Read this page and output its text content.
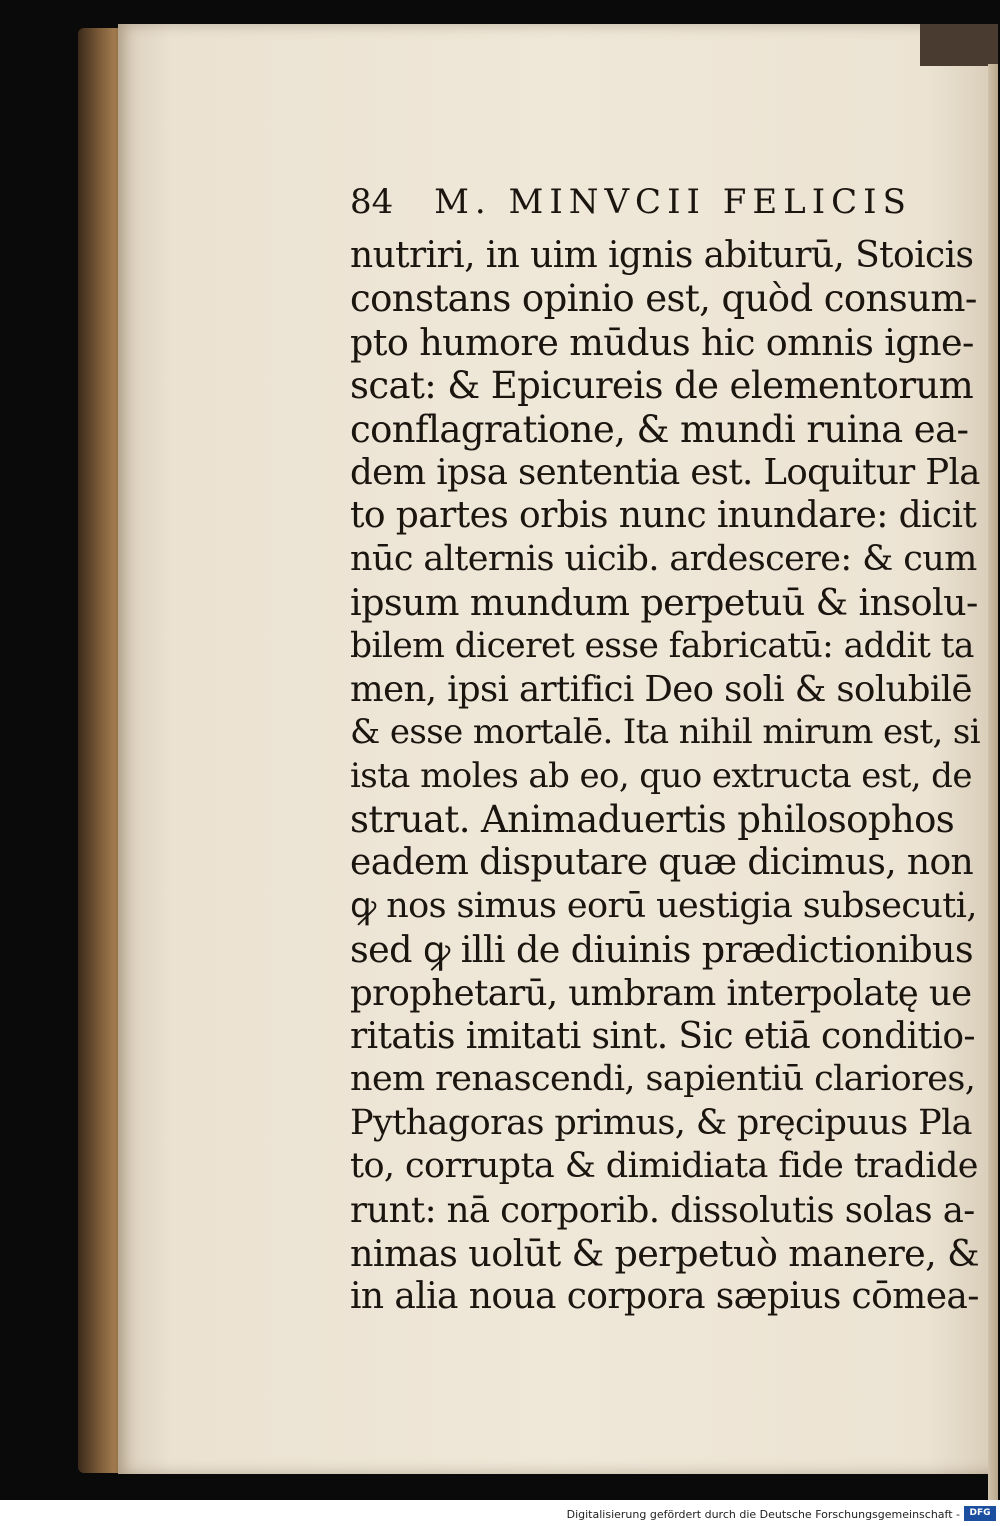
84 M. MINVCII FELICIS
nutriri, in uim ignis abiturū, Stoicis
constans opinio est, quòd consum-
pto humore mūdus hic omnis igne-
scat: & Epicureis de elementorum
conflagratione, & mundi ruina ea-
dem ipsa sententia est. Loquitur Pla
to partes orbis nunc inundare: dicit
nūc alternis uicib. ardescere: & cum
ipsum mundum perpetuū & insolu-
bilem diceret esse fabricatū: addit ta
men, ipsi artifici Deo soli & solubilē
& esse mortalē. Ita nihil mirum est, si
ista moles ab eo, quo extructa est, de
struat. Animaduertis philosophos
eadem disputare quæ dicimus, non
ꝙ nos simus eorū uestigia subsecuti,
sed ꝙ illi de diuinis prædictionibus
prophetarū, umbram interpolatę ue
ritatis imitati sint. Sic etiā conditio-
nem renascendi, sapientiū clariores,
Pythagoras primus, & pręcipuus Pla
to, corrupta & dimidiata fide tradide
runt: nā corporib. dissolutis solas a-
nimas uolūt & perpetuò manere, &
in alia noua corpora sæpius cōmea-
Digitalisierung gefördert durch die Deutsche Forschungsgemeinschaft -	DFG
